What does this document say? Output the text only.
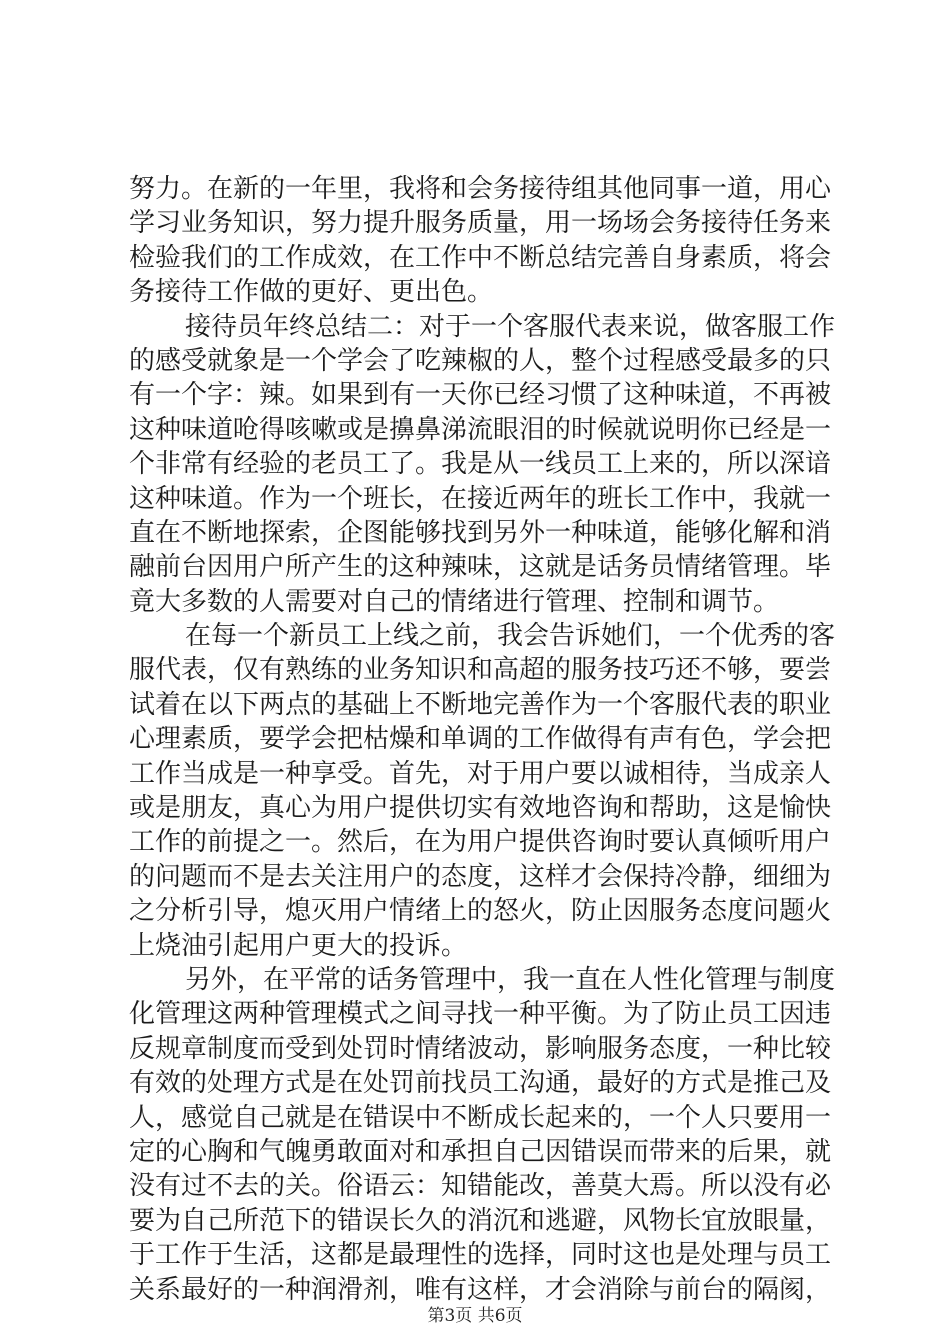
努力。在新的一年里，我将和会务接待组其他同事一道，用心
学习业务知识，努力提升服务质量，用一场场会务接待任务来
检验我们的工作成效，在工作中不断总结完善自身素质，将会
务接待工作做的更好、更出色。
接待员年终总结二：对于一个客服代表来说，做客服工作
的感受就象是一个学会了吃辣椒的人，整个过程感受最多的只
有一个字：辣。如果到有一天你已经习惯了这种味道，不再被
这种味道呛得咳嗽或是擤鼻涕流眼泪的时候就说明你已经是一
个非常有经验的老员工了。我是从一线员工上来的，所以深谙
这种味道。作为一个班长，在接近两年的班长工作中，我就一
直在不断地探索，企图能够找到另外一种味道，能够化解和消
融前台因用户所产生的这种辣味，这就是话务员情绪管理。毕
竟大多数的人需要对自己的情绪进行管理、控制和调节。
在每一个新员工上线之前，我会告诉她们，一个优秀的客
服代表，仅有熟练的业务知识和高超的服务技巧还不够，要尝
试着在以下两点的基础上不断地完善作为一个客服代表的职业
心理素质，要学会把枯燥和单调的工作做得有声有色，学会把
工作当成是一种享受。首先，对于用户要以诚相待，当成亲人
或是朋友，真心为用户提供切实有效地咨询和帮助，这是愉快
工作的前提之一。然后，在为用户提供咨询时要认真倾听用户
的问题而不是去关注用户的态度，这样才会保持冷静，细细为
之分析引导，熄灭用户情绪上的怒火，防止因服务态度问题火
上烧油引起用户更大的投诉。
另外，在平常的话务管理中，我一直在人性化管理与制度
化管理这两种管理模式之间寻找一种平衡。为了防止员工因违
反规章制度而受到处罚时情绪波动，影响服务态度，一种比较
有效的处理方式是在处罚前找员工沟通，最好的方式是推己及
人，感觉自己就是在错误中不断成长起来的，一个人只要用一
定的心胸和气魄勇敢面对和承担自己因错误而带来的后果，就
没有过不去的关。俗语云：知错能改，善莫大焉。所以没有必
要为自己所范下的错误长久的消沉和逃避，风物长宜放眼量，
于工作于生活，这都是最理性的选择，同时这也是处理与员工
关系最好的一种润滑剂，唯有这样，才会消除与前台的隔阂，
第3页 共6页
